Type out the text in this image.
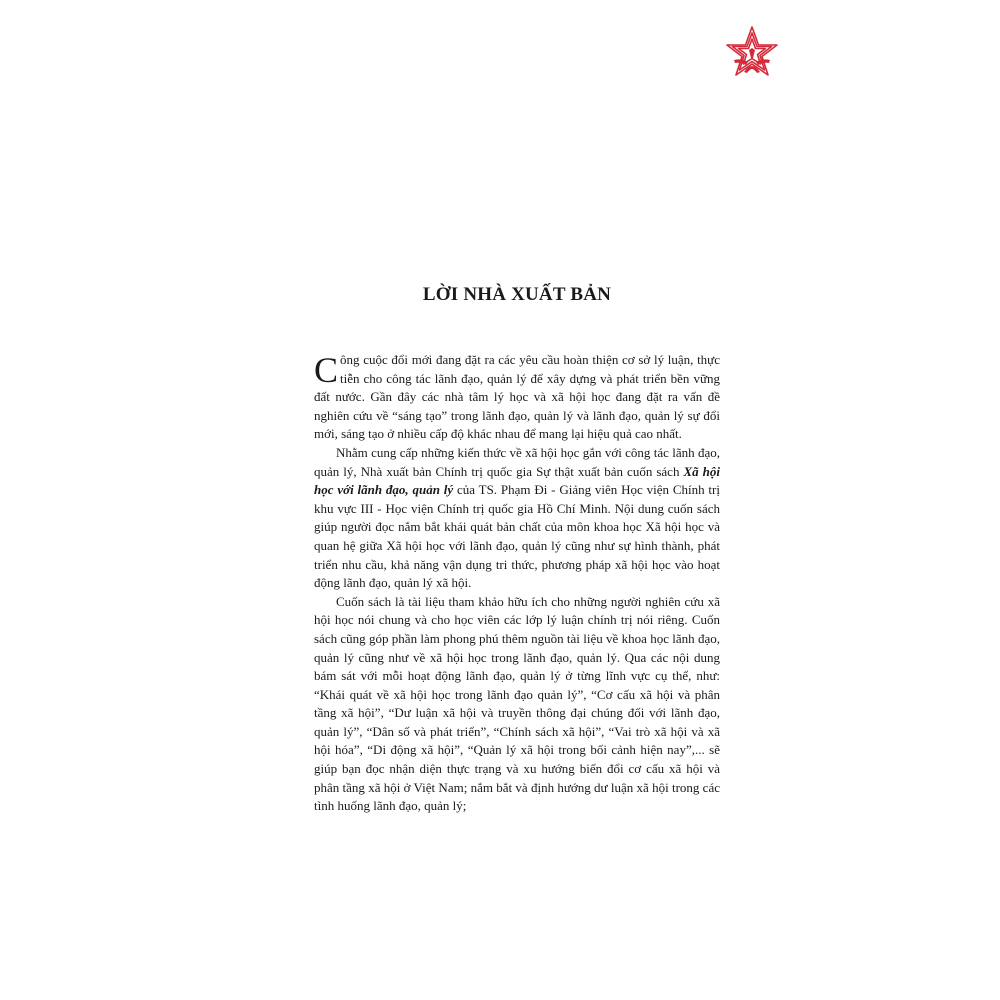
LỜI NHÀ XUẤT BẢN

Công cuộc đổi mới đang đặt ra các yêu cầu hoàn thiện cơ sở lý luận, thực tiễn cho công tác lãnh đạo, quản lý để xây dựng và phát triển bền vững đất nước. Gần đây các nhà tâm lý học và xã hội học đang đặt ra vấn đề nghiên cứu về “sáng tạo” trong lãnh đạo, quản lý và lãnh đạo, quản lý sự đổi mới, sáng tạo ở nhiều cấp độ khác nhau để mang lại hiệu quả cao nhất.

Nhằm cung cấp những kiến thức về xã hội học gắn với công tác lãnh đạo, quản lý, Nhà xuất bản Chính trị quốc gia Sự thật xuất bản cuốn sách Xã hội học với lãnh đạo, quản lý của TS. Phạm Đi - Giảng viên Học viện Chính trị khu vực III - Học viện Chính trị quốc gia Hồ Chí Minh. Nội dung cuốn sách giúp người đọc nắm bắt khái quát bản chất của môn khoa học Xã hội học và quan hệ giữa Xã hội học với lãnh đạo, quản lý cũng như sự hình thành, phát triển nhu cầu, khả năng vận dụng tri thức, phương pháp xã hội học vào hoạt động lãnh đạo, quản lý xã hội.

Cuốn sách là tài liệu tham khảo hữu ích cho những người nghiên cứu xã hội học nói chung và cho học viên các lớp lý luận chính trị nói riêng. Cuốn sách cũng góp phần làm phong phú thêm nguồn tài liệu về khoa học lãnh đạo, quản lý cũng như về xã hội học trong lãnh đạo, quản lý. Qua các nội dung bám sát với mỗi hoạt động lãnh đạo, quản lý ở từng lĩnh vực cụ thể, như: “Khái quát về xã hội học trong lãnh đạo quản lý”, “Cơ cấu xã hội và phân tầng xã hội”, “Dư luận xã hội và truyền thông đại chúng đối với lãnh đạo, quản lý”, “Dân số và phát triển”, “Chính sách xã hội”, “Vai trò xã hội và xã hội hóa”, “Di động xã hội”, “Quản lý xã hội trong bối cảnh hiện nay”,... sẽ giúp bạn đọc nhận diện thực trạng và xu hướng biến đổi cơ cấu xã hội và phân tầng xã hội ở Việt Nam; nắm bắt và định hướng dư luận xã hội trong các tình huống lãnh đạo, quản lý;
